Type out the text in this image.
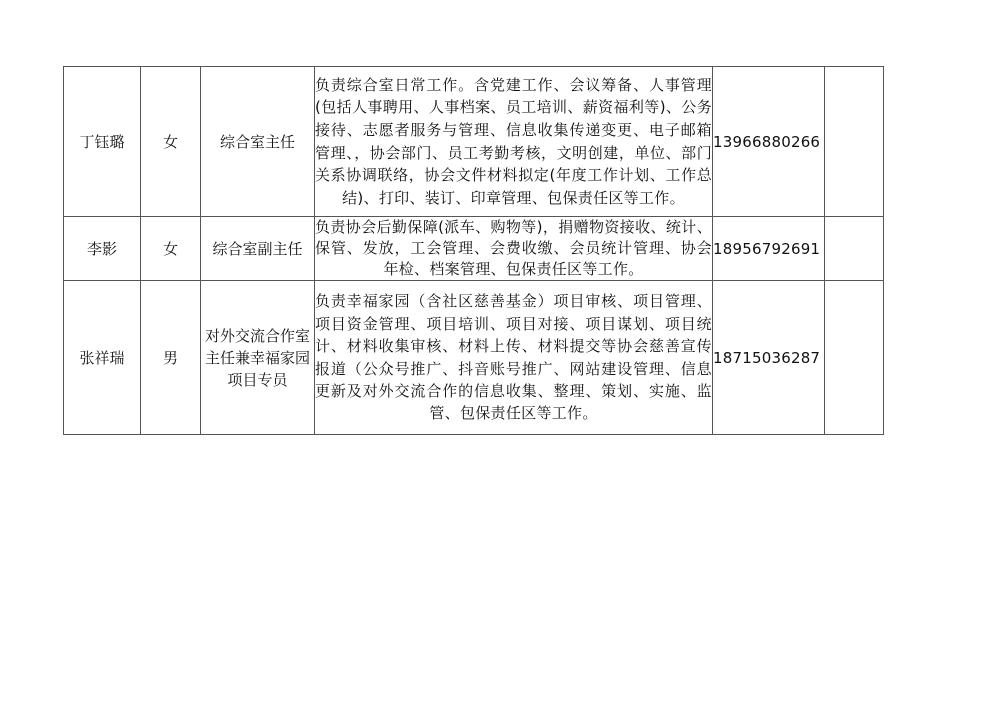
丁钰璐	女	综合室主任	负责综合室日常工作。含党建工作、会议筹备、人事管理(包括人事聘用、人事档案、员工培训、薪资福利等)、公务接待、志愿者服务与管理、信息收集传递变更、电子邮箱管理、，协会部门、员工考勤考核，文明创建，单位、部门关系协调联络，协会文件材料拟定(年度工作计划、工作总结)、打印、装订、印章管理、包保责任区等工作。	13966880266	
李影	女	综合室副主任	负责协会后勤保障(派车、购物等)，捐赠物资接收、统计、保管、发放，工会管理、会费收缴、会员统计管理、协会年检、档案管理、包保责任区等工作。	18956792691	
张祥瑞	男	对外交流合作室主任兼幸福家园项目专员	负责幸福家园（含社区慈善基金）项目审核、项目管理、项目资金管理、项目培训、项目对接、项目谋划、项目统计、材料收集审核、材料上传、材料提交等协会慈善宣传报道（公众号推广、抖音账号推广、网站建设管理、信息更新及对外交流合作的信息收集、整理、策划、实施、监管、包保责任区等工作。	18715036287	
